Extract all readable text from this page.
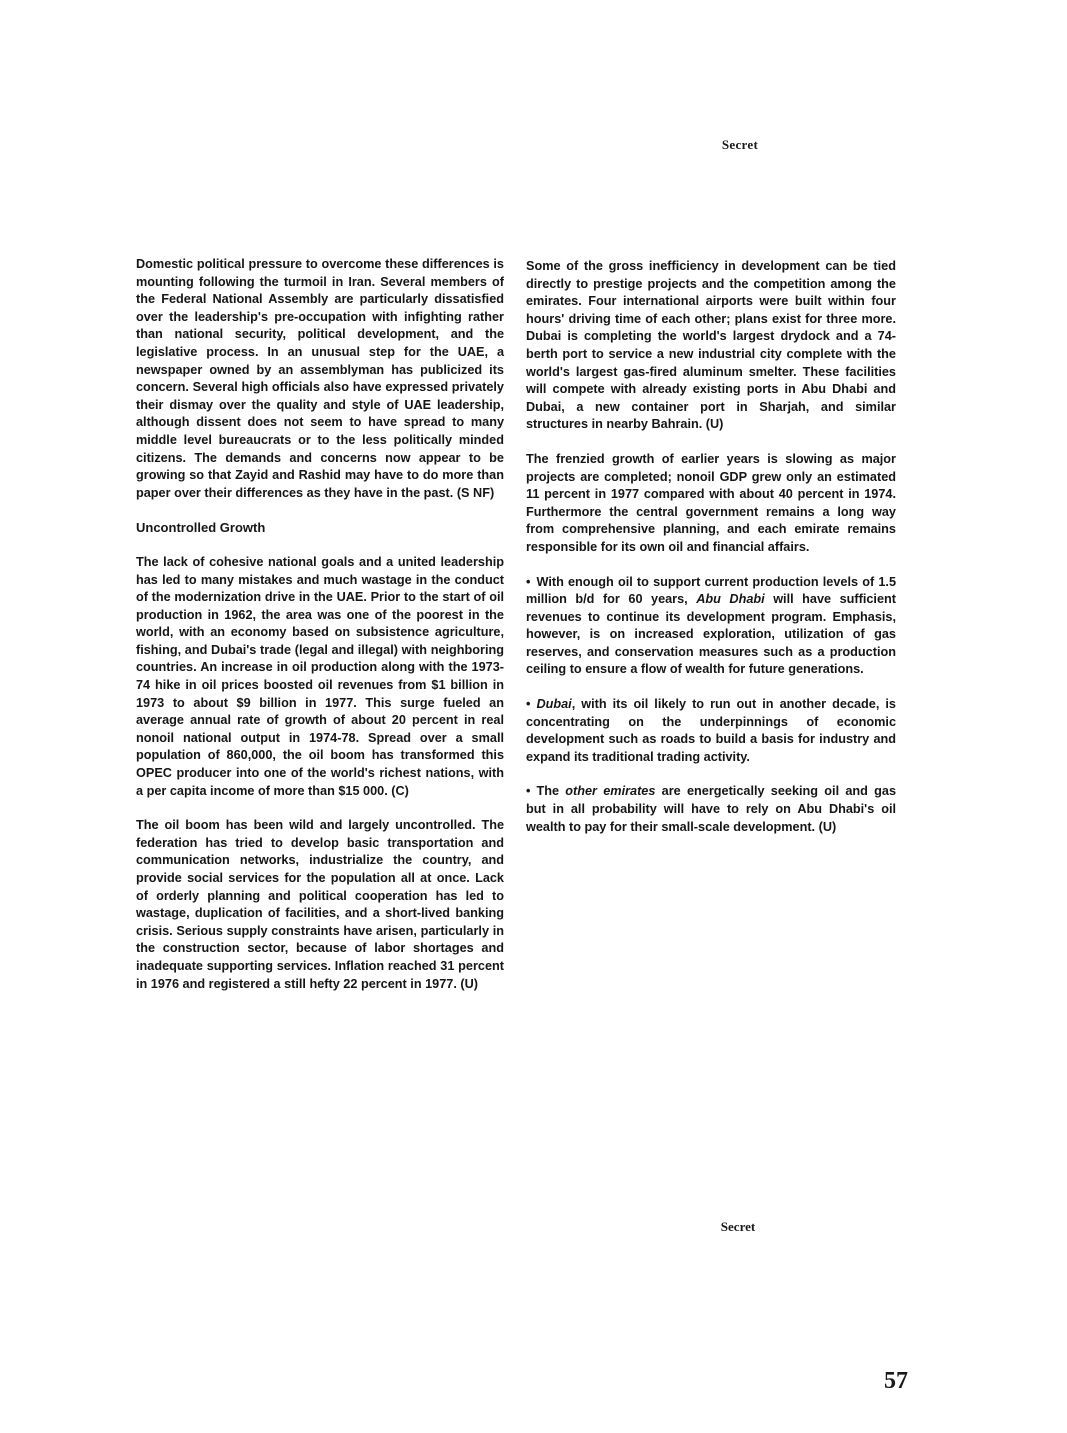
Secret

Domestic political pressure to overcome these differences is mounting following the turmoil in Iran. Several members of the Federal National Assembly are particularly dissatisfied over the leadership's pre-occupation with infighting rather than national security, political development, and the legislative process. In an unusual step for the UAE, a newspaper owned by an assemblyman has publicized its concern. Several high officials also have expressed privately their dismay over the quality and style of UAE leadership, although dissent does not seem to have spread to many middle level bureaucrats or to the less politically minded citizens. The demands and concerns now appear to be growing so that Zayid and Rashid may have to do more than paper over their differences as they have in the past. (S NF)

Uncontrolled Growth

The lack of cohesive national goals and a united leadership has led to many mistakes and much wastage in the conduct of the modernization drive in the UAE. Prior to the start of oil production in 1962, the area was one of the poorest in the world, with an economy based on subsistence agriculture, fishing, and Dubai's trade (legal and illegal) with neighboring countries. An increase in oil production along with the 1973-74 hike in oil prices boosted oil revenues from $1 billion in 1973 to about $9 billion in 1977. This surge fueled an average annual rate of growth of about 20 percent in real nonoil national output in 1974-78. Spread over a small population of 860,000, the oil boom has transformed this OPEC producer into one of the world's richest nations, with a per capita income of more than $15 000. (C)

The oil boom has been wild and largely uncontrolled. The federation has tried to develop basic transportation and communication networks, industrialize the country, and provide social services for the population all at once. Lack of orderly planning and political cooperation has led to wastage, duplication of facilities, and a short-lived banking crisis. Serious supply constraints have arisen, particularly in the construction sector, because of labor shortages and inadequate supporting services. Inflation reached 31 percent in 1976 and registered a still hefty 22 percent in 1977. (U)

Some of the gross inefficiency in development can be tied directly to prestige projects and the competition among the emirates. Four international airports were built within four hours' driving time of each other; plans exist for three more. Dubai is completing the world's largest drydock and a 74-berth port to service a new industrial city complete with the world's largest gas-fired aluminum smelter. These facilities will compete with already existing ports in Abu Dhabi and Dubai, a new container port in Sharjah, and similar structures in nearby Bahrain. (U)

The frenzied growth of earlier years is slowing as major projects are completed; nonoil GDP grew only an estimated 11 percent in 1977 compared with about 40 percent in 1974. Furthermore the central government remains a long way from comprehensive planning, and each emirate remains responsible for its own oil and financial affairs.

• With enough oil to support current production levels of 1.5 million b/d for 60 years, Abu Dhabi will have sufficient revenues to continue its development program. Emphasis, however, is on increased exploration, utilization of gas reserves, and conservation measures such as a production ceiling to ensure a flow of wealth for future generations.
• Dubai, with its oil likely to run out in another decade, is concentrating on the underpinnings of economic development such as roads to build a basis for industry and expand its traditional trading activity.
• The other emirates are energetically seeking oil and gas but in all probability will have to rely on Abu Dhabi's oil wealth to pay for their small-scale development. (U)
Secret
57
